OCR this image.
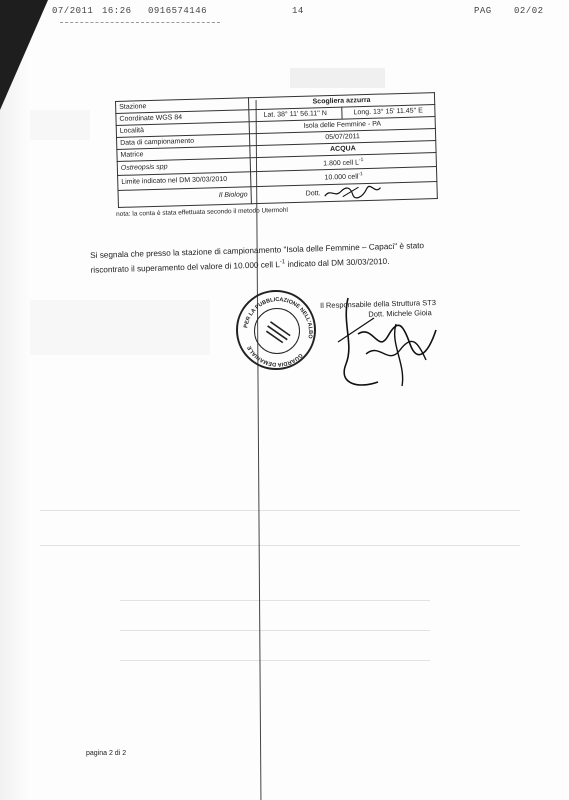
07/2011 16:26 0916574146	14	PAG 02/02
Stazione	Scogliera azzurra	
Coordinate WGS 84	Lat. 38° 11' 56.11'' N	Long. 13° 15' 11.45'' E
Località	Isola delle Femmine - PA	
Data di campionamento	05/07/2011	
Matrice	ACQUA	
Ostreopsis spp	1.800 cell $L^{-1}$
Limite indicato nel DM 30/03/2010	10.000 cell$^{-1}$
Il Biologo	Dott.	
nota: la conta è stata effettuata secondo il metodo Utermohl
Si segnala che presso la stazione di campionamento "Isola delle Femmine – Capaci" è stato
riscontrato il superamento del valore di 10.000 cell $L^{-1}$ indicato dal DM 30/03/2010.
PER LA PUBBLICAZIONE NELL'ALBO
GUARDIA DEMANIALE
Il Responsabile della Struttura ST3
Dott. Michele Gioia
pagina 2 di 2
